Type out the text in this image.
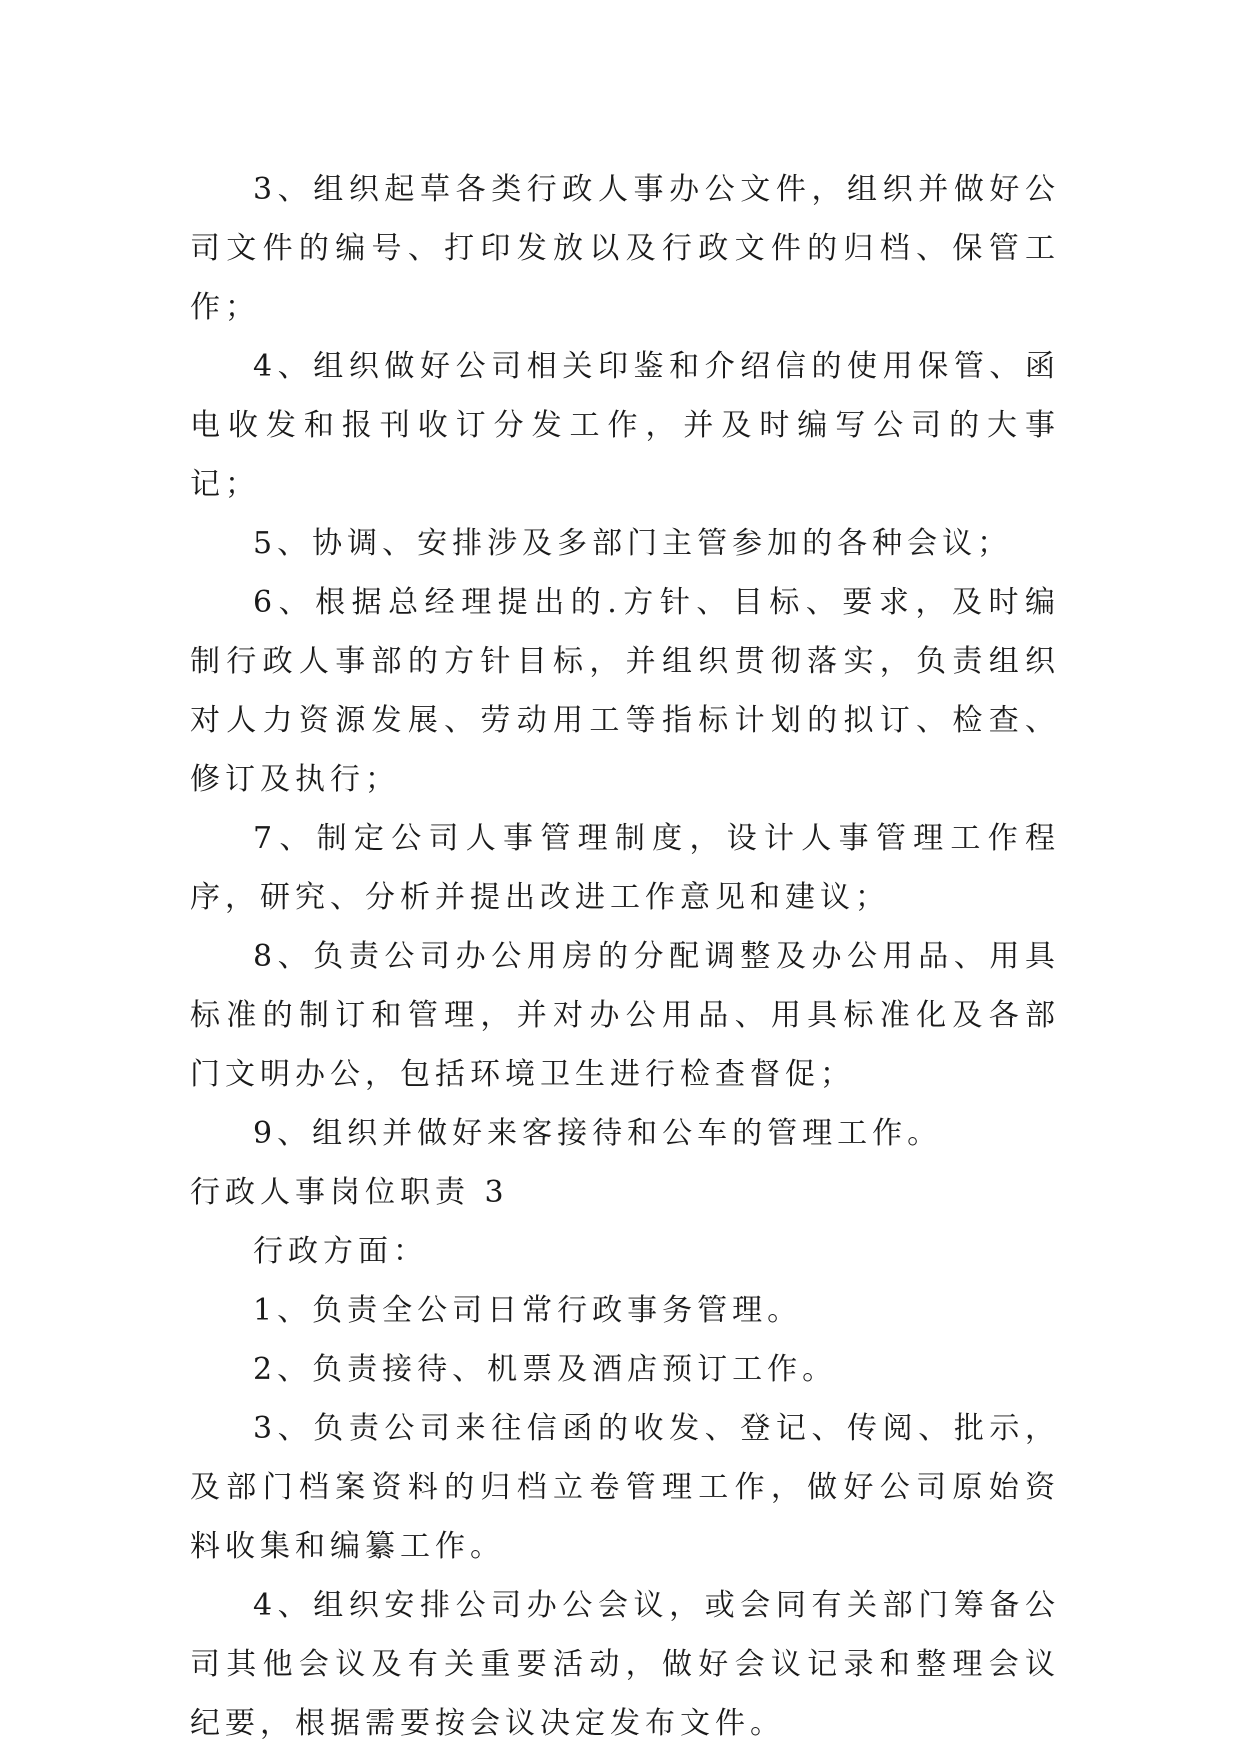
3、组织起草各类行政人事办公文件，组织并做好公司文件的编号、打印发放以及行政文件的归档、保管工作；

4、组织做好公司相关印鉴和介绍信的使用保管、函电收发和报刊收订分发工作，并及时编写公司的大事记；

5、协调、安排涉及多部门主管参加的各种会议；

6、根据总经理提出的.方针、目标、要求，及时编制行政人事部的方针目标，并组织贯彻落实，负责组织对人力资源发展、劳动用工等指标计划的拟订、检查、修订及执行；

7、制定公司人事管理制度，设计人事管理工作程序，研究、分析并提出改进工作意见和建议；

8、负责公司办公用房的分配调整及办公用品、用具标准的制订和管理，并对办公用品、用具标准化及各部门文明办公，包括环境卫生进行检查督促；

9、组织并做好来客接待和公车的管理工作。

行政人事岗位职责 3

行政方面：

1、负责全公司日常行政事务管理。

2、负责接待、机票及酒店预订工作。

3、负责公司来往信函的收发、登记、传阅、批示，及部门档案资料的归档立卷管理工作，做好公司原始资料收集和编纂工作。

4、组织安排公司办公会议，或会同有关部门筹备公司其他会议及有关重要活动，做好会议记录和整理会议纪要，根据需要按会议决定发布文件。
